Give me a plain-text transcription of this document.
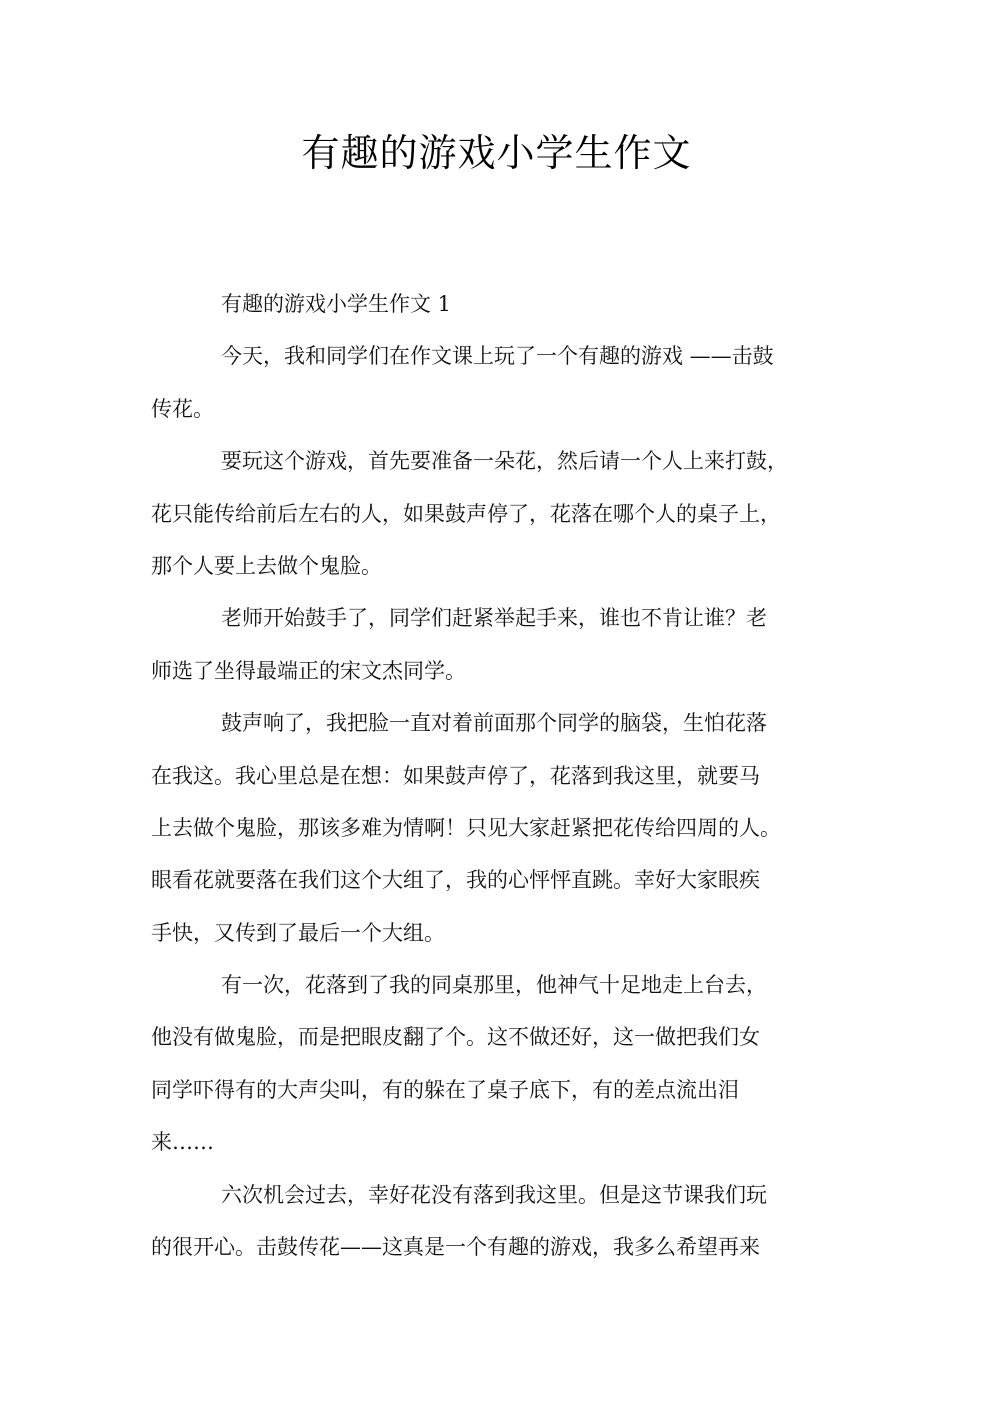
有趣的游戏小学生作文
有趣的游戏小学生作文 1
今天，我和同学们在作文课上玩了一个有趣的游戏 ——击鼓
传花。
要玩这个游戏，首先要准备一朵花，然后请一个人上来打鼓，
花只能传给前后左右的人，如果鼓声停了，花落在哪个人的桌子上，
那个人要上去做个鬼脸。
老师开始鼓手了，同学们赶紧举起手来，谁也不肯让谁？老
师选了坐得最端正的宋文杰同学。
鼓声响了，我把脸一直对着前面那个同学的脑袋，生怕花落
在我这。我心里总是在想：如果鼓声停了，花落到我这里，就要马
上去做个鬼脸，那该多难为情啊！只见大家赶紧把花传给四周的人。
眼看花就要落在我们这个大组了，我的心怦怦直跳。幸好大家眼疾
手快，又传到了最后一个大组。
有一次，花落到了我的同桌那里，他神气十足地走上台去，
他没有做鬼脸，而是把眼皮翻了个。这不做还好，这一做把我们女
同学吓得有的大声尖叫，有的躲在了桌子底下，有的差点流出泪
来……
六次机会过去，幸好花没有落到我这里。但是这节课我们玩
的很开心。击鼓传花——这真是一个有趣的游戏，我多么希望再来
